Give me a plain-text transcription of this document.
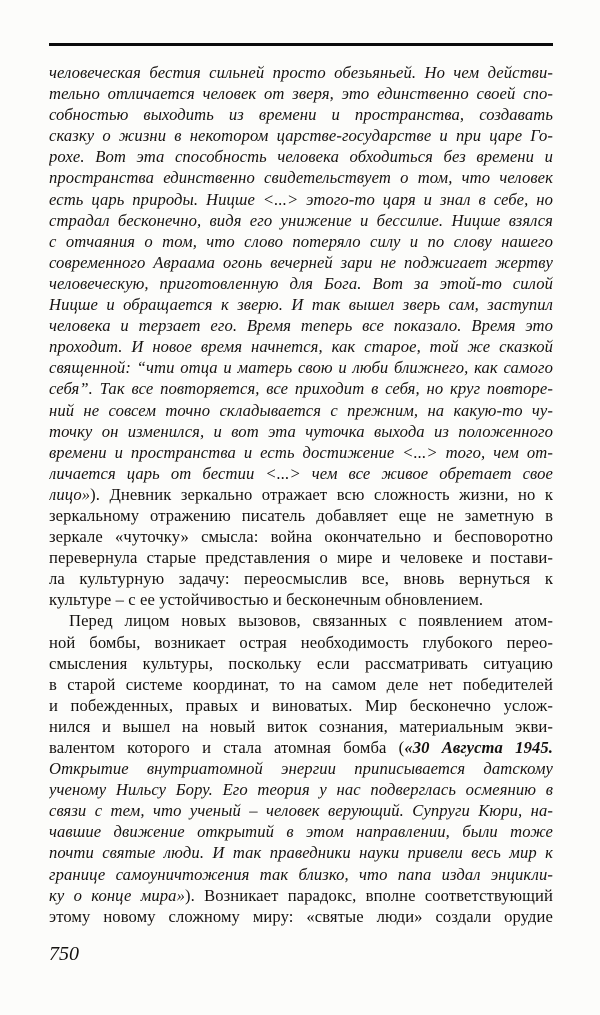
человеческая бестия сильней просто обезьяньей. Но чем действи-
тельно отличается человек от зверя, это единственно своей спо-
собностью выходить из времени и пространства, создавать
сказку о жизни в некотором царстве-государстве и при царе Го-
рохе. Вот эта способность человека обходиться без времени и
пространства единственно свидетельствует о том, что человек
есть царь природы. Ницше <...> этого-то царя и знал в себе, но
страдал бесконечно, видя его унижение и бессилие. Ницше взялся
с отчаяния о том, что слово потеряло силу и по слову нашего
современного Авраама огонь вечерней зари не поджигает жертву
человеческую, приготовленную для Бога. Вот за этой-то силой
Ницше и обращается к зверю. И так вышел зверь сам, заступил
человека и терзает его. Время теперь все показало. Время это
проходит. И новое время начнется, как старое, той же сказкой
священной: “чти отца и матерь свою и люби ближнего, как самого
себя”. Так все повторяется, все приходит в себя, но круг повторе-
ний не совсем точно складывается с прежним, на какую-то чу-
точку он изменился, и вот эта чуточка выхода из положенного
времени и пространства и есть достижение <...> того, чем от-
личается царь от бестии <...> чем все живое обретает свое
лицо»). Дневник зеркально отражает всю сложность жизни, но к
зеркальному отражению писатель добавляет еще не заметную в
зеркале «чуточку» смысла: война окончательно и бесповоротно
перевернула старые представления о мире и человеке и постави-
ла культурную задачу: переосмыслив все, вновь вернуться к
культуре – с ее устойчивостью и бесконечным обновлением.
Перед лицом новых вызовов, связанных с появлением атом-
ной бомбы, возникает острая необходимость глубокого перео-
смысления культуры, поскольку если рассматривать ситуацию
в старой системе координат, то на самом деле нет победителей
и побежденных, правых и виноватых. Мир бесконечно услож-
нился и вышел на новый виток сознания, материальным экви-
валентом которого и стала атомная бомба («30 Августа 1945.
Открытие внутриатомной энергии приписывается датскому
ученому Нильсу Бору. Его теория у нас подверглась осмеянию в
связи с тем, что ученый – человек верующий. Супруги Кюри, на-
чавшие движение открытий в этом направлении, были тоже
почти святые люди. И так праведники науки привели весь мир к
границе самоуничтожения так близко, что папа издал энцикли-
ку о конце мира»). Возникает парадокс, вполне соответствующий
этому новому сложному миру: «святые люди» создали орудие
750
